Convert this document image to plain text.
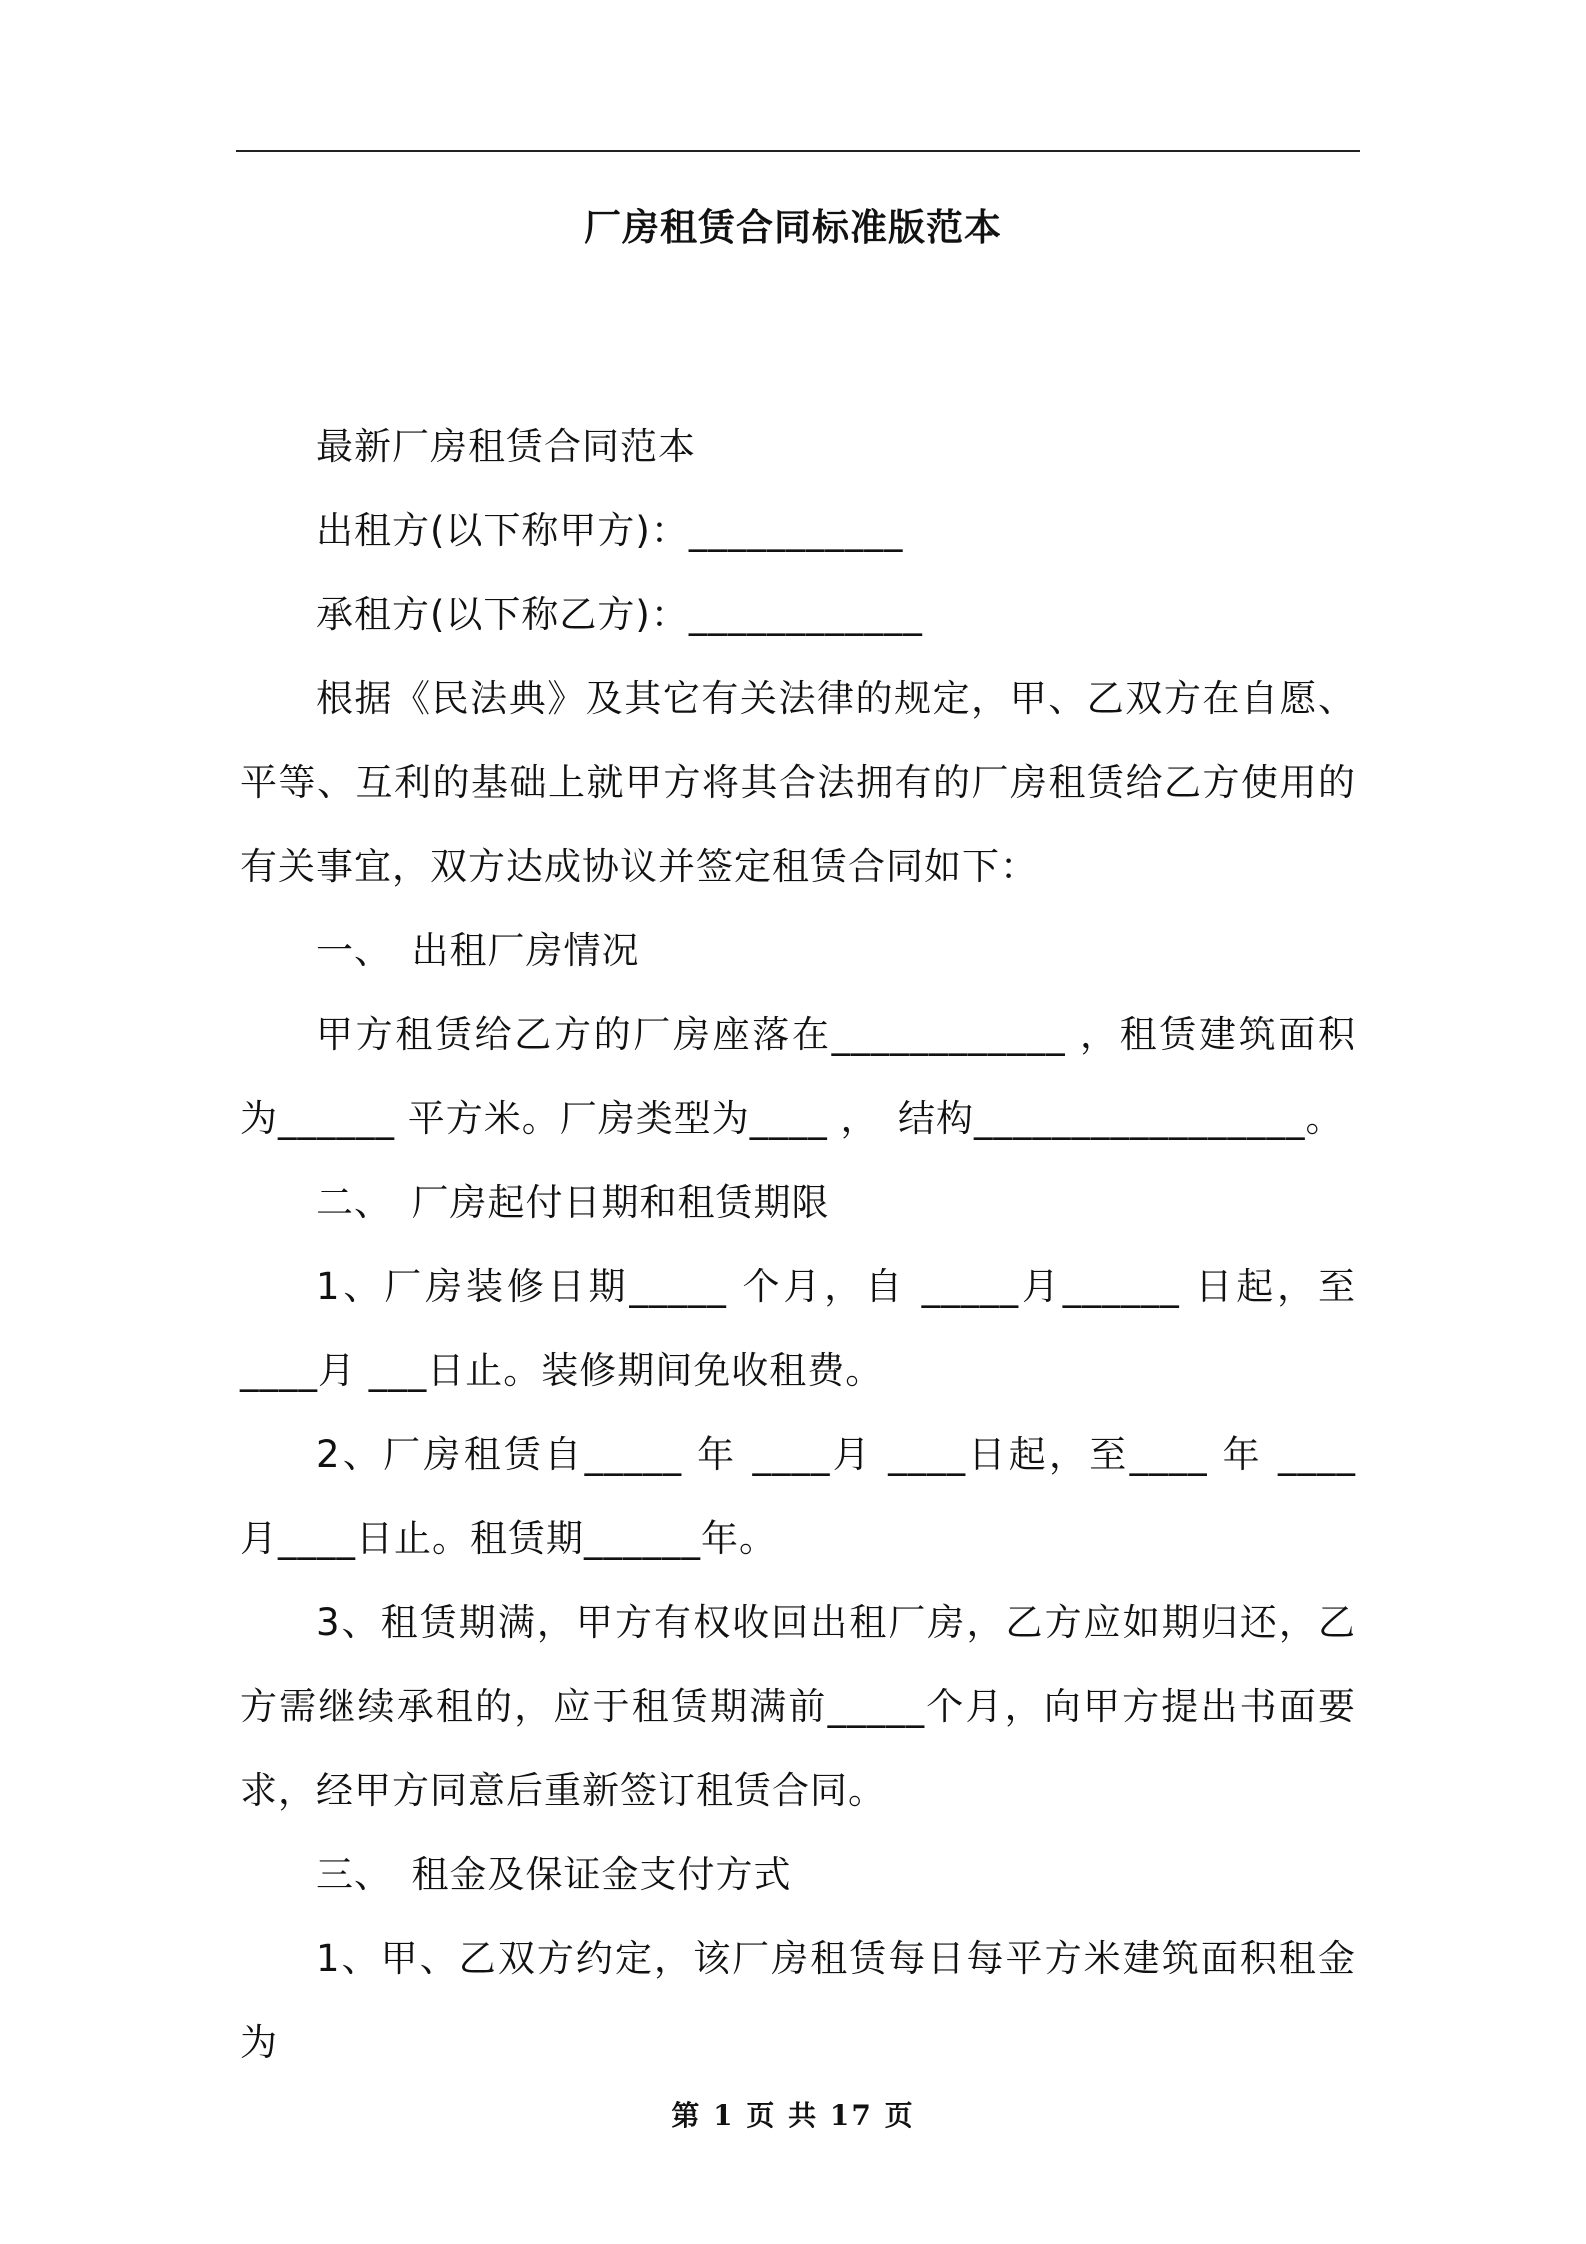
厂房租赁合同标准版范本

最新厂房租赁合同范本

出租方(以下称甲方)：___________

承租方(以下称乙方)：____________

根据《民法典》及其它有关法律的规定，甲、乙双方在自愿、平等、互利的基础上就甲方将其合法拥有的厂房租赁给乙方使用的有关事宜，双方达成协议并签定租赁合同如下：

一、　出租厂房情况

甲方租赁给乙方的厂房座落在____________ ，租赁建筑面积为______ 平方米。厂房类型为____ ，　结构_________________。

二、　厂房起付日期和租赁期限

1、厂房装修日期_____ 个月，自 _____月______ 日起，至 ____月 ___日止。装修期间免收租费。

2、厂房租赁自_____ 年 ____月 ____日起，至____ 年 ____ 月____日止。租赁期______年。

3、租赁期满，甲方有权收回出租厂房，乙方应如期归还，乙方需继续承租的，应于租赁期满前_____个月，向甲方提出书面要求，经甲方同意后重新签订租赁合同。

三、　租金及保证金支付方式

1、甲、乙双方约定，该厂房租赁每日每平方米建筑面积租金为

第 1 页 共 17 页
